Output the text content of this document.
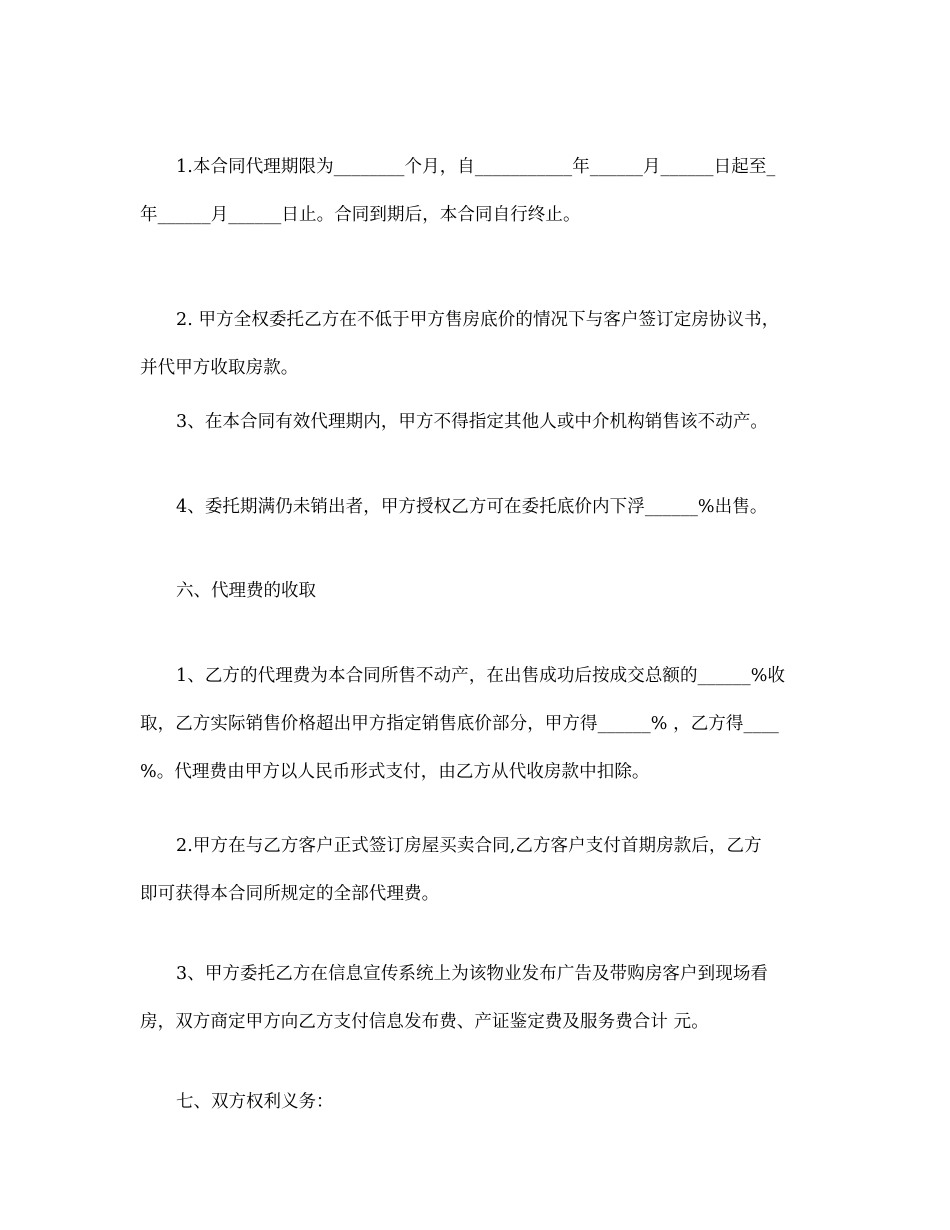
1.本合同代理期限为________个月，自___________年______月______日起至_
年______月______日止。合同到期后，本合同自行终止。

2. 甲方全权委托乙方在不低于甲方售房底价的情况下与客户签订定房协议书，
并代甲方收取房款。

3、在本合同有效代理期内，甲方不得指定其他人或中介机构销售该不动产。

4、委托期满仍未销出者，甲方授权乙方可在委托底价内下浮______%出售。

六、代理费的收取

1、乙方的代理费为本合同所售不动产，在出售成功后按成交总额的______%收
取，乙方实际销售价格超出甲方指定销售底价部分，甲方得______% ，乙方得____
%。代理费由甲方以人民币形式支付，由乙方从代收房款中扣除。

2.甲方在与乙方客户正式签订房屋买卖合同,乙方客户支付首期房款后，乙方
即可获得本合同所规定的全部代理费。

3、甲方委托乙方在信息宣传系统上为该物业发布广告及带购房客户到现场看
房，双方商定甲方向乙方支付信息发布费、产证鉴定费及服务费合计 元。

七、双方权利义务：
